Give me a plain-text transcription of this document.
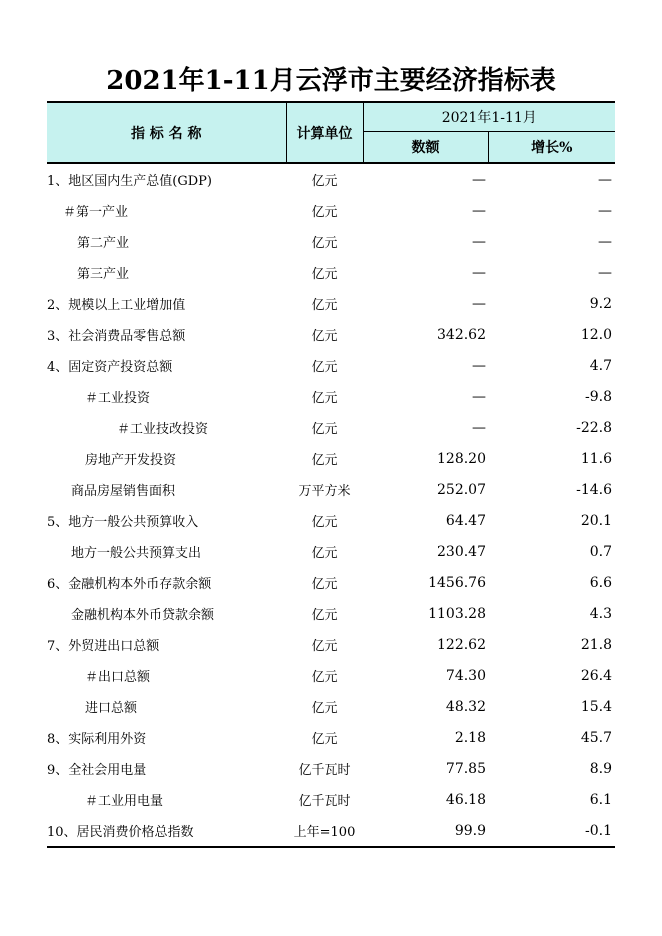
2021年1-11月云浮市主要经济指标表
指 标 名 称	计算单位	2021年1-11月	
		数额	增长%
1、地区国内生产总值(GDP)	亿元	—	—
＃第一产业	亿元	—	—
第二产业	亿元	—	—
第三产业	亿元	—	—
2、规模以上工业增加值	亿元	—	9.2
3、社会消费品零售总额	亿元	342.62	12.0
4、固定资产投资总额	亿元	—	4.7
＃工业投资	亿元	—	-9.8
＃工业技改投资	亿元	—	-22.8
房地产开发投资	亿元	128.20	11.6
商品房屋销售面积	万平方米	252.07	-14.6
5、地方一般公共预算收入	亿元	64.47	20.1
地方一般公共预算支出	亿元	230.47	0.7
6、金融机构本外币存款余额	亿元	1456.76	6.6
金融机构本外币贷款余额	亿元	1103.28	4.3
7、外贸进出口总额	亿元	122.62	21.8
＃出口总额	亿元	74.30	26.4
进口总额	亿元	48.32	15.4
8、实际利用外资	亿元	2.18	45.7
9、全社会用电量	亿千瓦时	77.85	8.9
＃工业用电量	亿千瓦时	46.18	6.1
10、居民消费价格总指数	上年=100	99.9	-0.1
